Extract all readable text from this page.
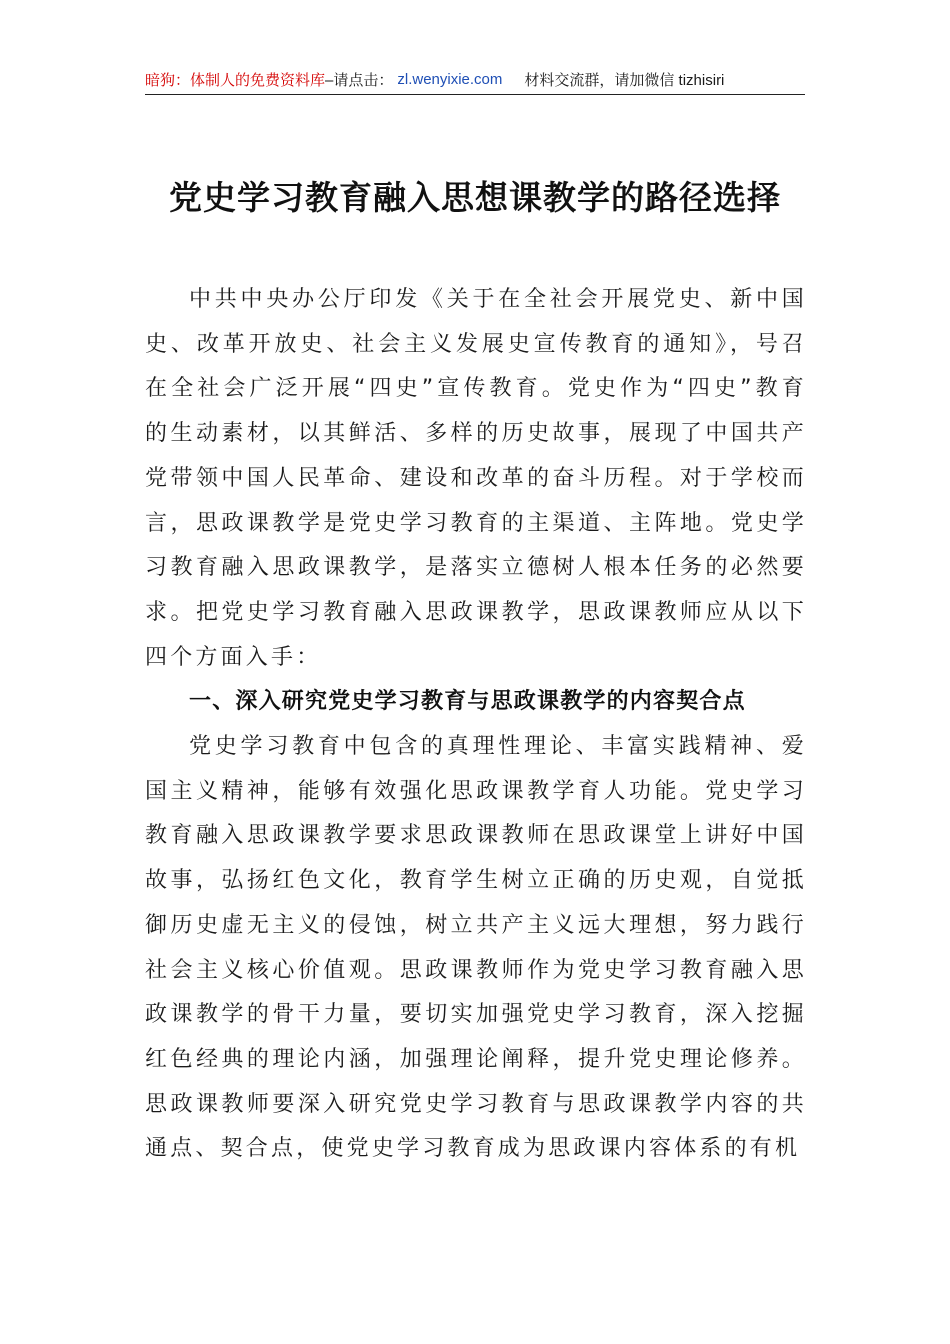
暗狗：体制人的免费资料库 –请点击： zl.wenyixie.com 材料交流群，请加微信 tizhisiri
党史学习教育融入思想课教学的路径选择

中共中央办公厅印发《关于在全社会开展党史、新中国史、改革开放史、社会主义发展史宣传教育的通知》，号召在全社会广泛开展“四史”宣传教育。党史作为“四史”教育的生动素材，以其鲜活、多样的历史故事，展现了中国共产党带领中国人民革命、建设和改革的奋斗历程。对于学校而言，思政课教学是党史学习教育的主渠道、主阵地。党史学习教育融入思政课教学，是落实立德树人根本任务的必然要求。把党史学习教育融入思政课教学，思政课教师应从以下四个方面入手：

一、深入研究党史学习教育与思政课教学的内容契合点

党史学习教育中包含的真理性理论、丰富实践精神、爱国主义精神，能够有效强化思政课教学育人功能。党史学习教育融入思政课教学要求思政课教师在思政课堂上讲好中国故事，弘扬红色文化，教育学生树立正确的历史观，自觉抵御历史虚无主义的侵蚀，树立共产主义远大理想，努力践行社会主义核心价值观。思政课教师作为党史学习教育融入思政课教学的骨干力量，要切实加强党史学习教育，深入挖掘红色经典的理论内涵，加强理论阐释，提升党史理论修养。思政课教师要深入研究党史学习教育与思政课教学内容的共通点、契合点，使党史学习教育成为思政课内容体系的有机
